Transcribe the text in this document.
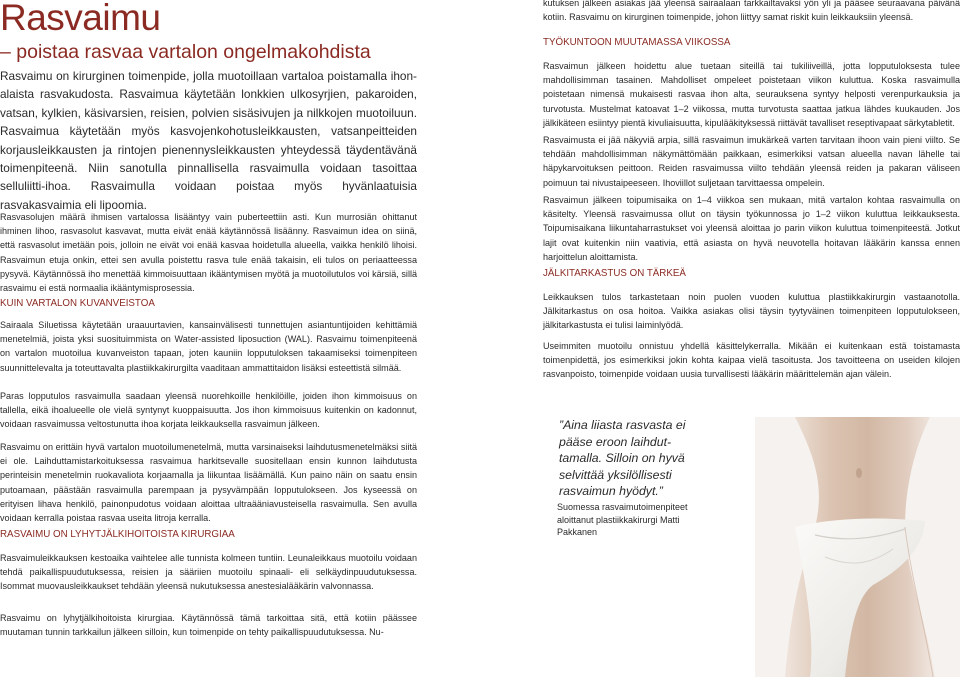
Rasvaimu
– poistaa rasvaa vartalon ongelmakohdista
Rasvaimu on kirurginen toimenpide, jolla muotoillaan vartaloa poistamalla ihon-alaista rasvakudosta. Rasvaimua käytetään lonkkien ulkosyrjien, pakaroiden, vatsan, kylkien, käsivarsien, reisien, polvien sisäsivujen ja nilkkojen muotoiluun. Rasvaimua käytetään myös kasvojenkohotusleikkausten, vatsanpeitteiden korjausleikkausten ja rintojen pienennysleikkausten yhteydessä täydentävänä toimenpiteenä. Niin sanotulla pinnallisella rasvaimulla voidaan tasoittaa selluliitti-ihoa. Rasvaimulla voidaan poistaa myös hyvänlaatuisia rasvakasvaimia eli lipoomia.
Rasvasolujen määrä ihmisen vartalossa lisääntyy vain puberteettiin asti. Kun murrosiän ohittanut ihminen lihoo, rasvasolut kasvavat, mutta eivät enää käytännössä lisäänny. Rasvaimun idea on siinä, että rasvasolut imetään pois, jolloin ne eivät voi enää kasvaa hoidetulla alueella, vaikka henkilö lihoisi. Rasvaimun etuja onkin, ettei sen avulla poistettu rasva tule enää takaisin, eli tulos on periaatteessa pysyvä. Käytännössä iho menettää kimmoisuuttaan ikääntymisen myötä ja muotoilutulos voi kärsiä, sillä rasvaimu ei estä normaalia ikääntymisprosessia.
KUIN VARTALON KUVANVEISTOA
Sairaala Siluetissa käytetään uraauurtavien, kansainvälisesti tunnettujen asiantuntijoiden kehittämiä menetelmiä, joista yksi suosituimmista on Water-assisted liposuction (WAL). Rasvaimu toimenpiteenä on vartalon muotoilua kuvanveiston tapaan, joten kauniin lopputuloksen takaamiseksi toimenpiteen suunnittelevalta ja toteuttavalta plastiikkakirurgilta vaaditaan ammattitaidon lisäksi esteettistä silmää.
Paras lopputulos rasvaimulla saadaan yleensä nuorehkoille henkilöille, joiden ihon kimmoisuus on tallella, eikä ihoalueelle ole vielä syntynyt kuoppaisuutta. Jos ihon kimmoisuus kuitenkin on kadonnut, voidaan rasvaimussa veltostunutta ihoa korjata leikkauksella rasvaimun jälkeen.
Rasvaimu on erittäin hyvä vartalon muotoilumenetelmä, mutta varsinaiseksi laihdutusmenetelmäksi siitä ei ole. Laihduttamistarkoituksessa rasvaimua harkitsevalle suositellaan ensin kunnon laihdutusta perinteisin menetelmin ruokavaliota korjaamalla ja liikuntaa lisäämällä. Kun paino näin on saatu ensin putoamaan, päästään rasvaimulla parempaan ja pysyvämpään lopputulokseen. Jos kyseessä on erityisen lihava henkilö, painonpudotus voidaan aloittaa ultraääniavusteisella rasvaimulla. Sen avulla voidaan kerralla poistaa rasvaa useita litroja kerralla.
RASVAIMU ON LYHYTJÄLKIHOITOISTA KIRURGIAA
Rasvaimuleikkauksen kestoaika vaihtelee alle tunnista kolmeen tuntiin. Leunaleikkaus muotoilu voidaan tehdä paikallispuudutuksessa, reisien ja sääriien muotoilu spinaali- eli selkäydinpuudutuksessa. Isommat muovausleikkaukset tehdään yleensä nukutuksessa anestesialääkärin valvonnassa.
Rasvaimu on lyhytjälkihoitoista kirurgiaa. Käytännössä tämä tarkoittaa sitä, että kotiin päässee muutaman tunnin tarkkailun jälkeen silloin, kun toimenpide on tehty paikallispuudutuksessa. Nu-
kutuksen jälkeen asiakas jää yleensä sairaalaan tarkkailtavaksi yön yli ja pääsee seuraavana päivänä kotiin. Rasvaimu on kirurginen toimenpide, johon liittyy samat riskit kuin leikkauksiin yleensä.
TYÖKUNTOON MUUTAMASSA VIIKOSSA
Rasvaimun jälkeen hoidettu alue tuetaan siteillä tai tukiliiveillä, jotta lopputuloksesta tulee mahdollisimman tasainen. Mahdolliset ompeleet poistetaan viikon kuluttua. Koska rasvaimulla poistetaan nimensä mukaisesti rasvaa ihon alta, seurauksena syntyy helposti verenpurkauksia ja turvotusta. Mustelmat katoavat 1–2 viikossa, mutta turvotusta saattaa jatkua lähdes kuukauden. Jos jälkikäteen esiintyy pientä kivuliaisuutta, kipulääkityksessä riittävät tavalliset reseptivapaat särkytabletit.
Rasvaimusta ei jää näkyviä arpia, sillä rasvaimun imukärkeä varten tarvitaan ihoon vain pieni viilto. Se tehdään mahdollisimman näkymättömään paikkaan, esimerkiksi vatsan alueella navan lähelle tai häpykarvoituksen peittoon. Reiden rasvaimussa viilto tehdään yleensä reiden ja pakaran väliseen poimuun tai nivustaipeeseen. Ihoviillot suljetaan tarvittaessa ompelein.
Rasvaimun jälkeen toipumisaika on 1–4 viikkoa sen mukaan, mitä vartalon kohtaa rasvaimulla on käsitelty. Yleensä rasvaimussa ollut on täysin työkunnossa jo 1–2 viikon kuluttua leikkauksesta. Toipumisaikana liikuntaharrastukset voi yleensä aloittaa jo parin viikon kuluttua toimenpiteestä. Jotkut lajit ovat kuitenkin niin vaativia, että asiasta on hyvä neuvotella hoitavan lääkärin kanssa ennen harjoittelun aloittamista.
JÄLKITARKASTUS ON TÄRKEÄ
Leikkauksen tulos tarkastetaan noin puolen vuoden kuluttua plastiikkakirurgin vastaanotolla. Jälkitarkastus on osa hoitoa. Vaikka asiakas olisi täysin tyytyväinen toimenpiteen lopputulokseen, jälkitarkastusta ei tulisi laiminlyödä.
Useimmiten muotoilu onnistuu yhdellä käsittelykerralla. Mikään ei kuitenkaan estä toistamasta toimenpidettä, jos esimerkiksi jokin kohta kaipaa vielä tasoitusta. Jos tavoitteena on useiden kilojen rasvanpoisto, toimenpide voidaan uusia turvallisesti lääkärin määrittelemän ajan välein.

”Aina liiasta rasvasta ei pääse eroon laihdut-tamalla. Silloin on hyvä selvittää yksilöllisesti rasvaimun hyödyt.”

Suomessa rasvaimutoimenpiteet aloittanut plastiikkakirurgi Matti Pakkanen
